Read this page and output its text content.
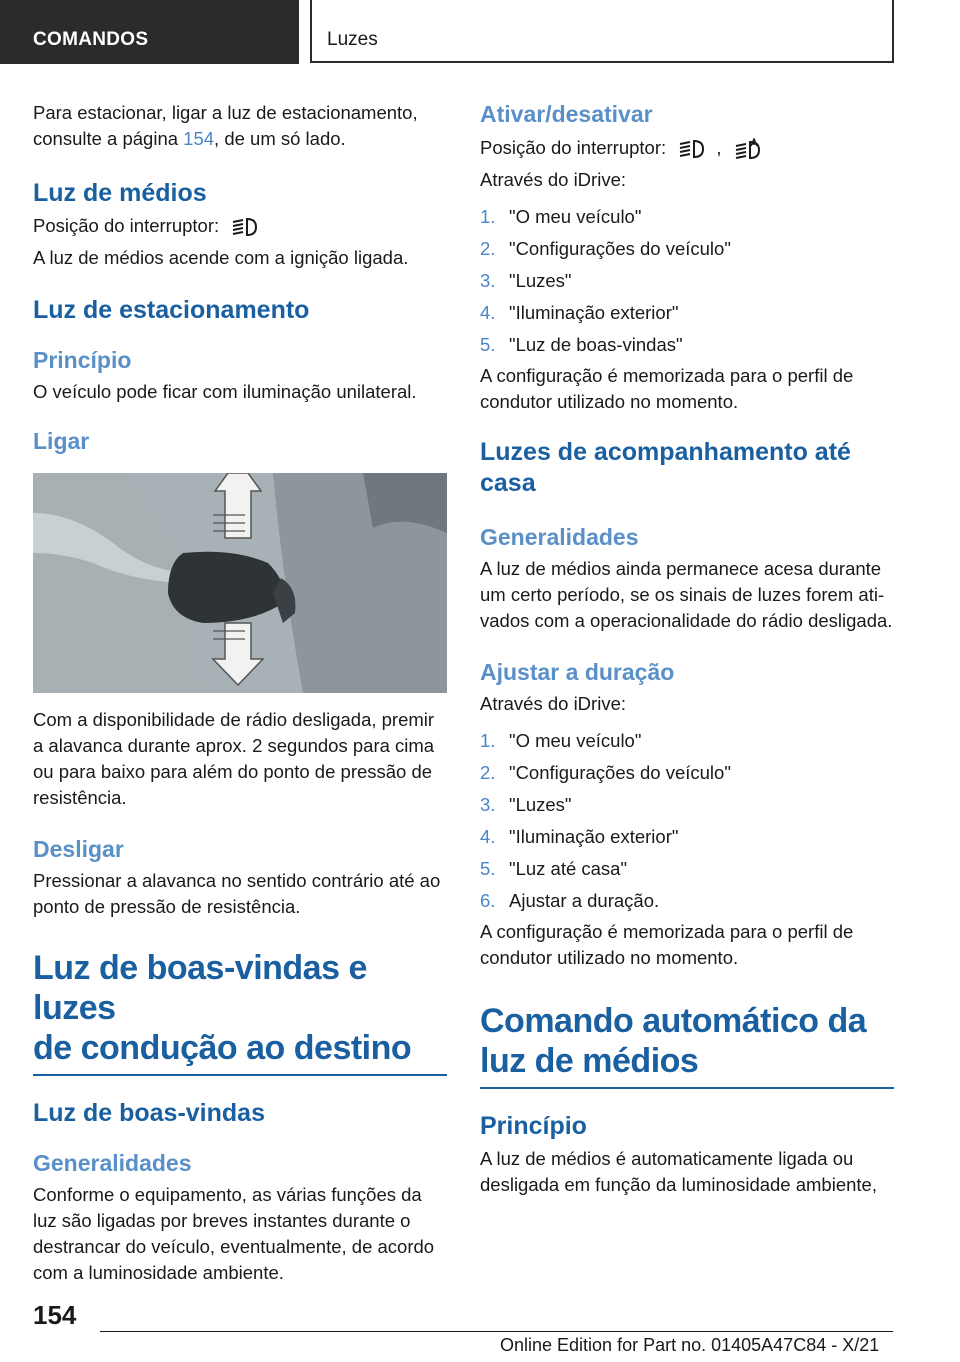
COMANDOS	Luzes

Para estacionar, ligar a luz de estacionamento,
consulte a página 154, de um só lado.

Luz de médios

Posição do interruptor:

A luz de médios acende com a ignição ligada.

Luz de estacionamento
Princípio

O veículo pode ficar com iluminação unilateral.

Ligar

Com a disponibilidade de rádio desligada, premir a alavanca durante aprox. 2 segundos para cima ou para baixo para além do ponto de pressão de resistência.

Desligar

Pressionar a alavanca no sentido contrário até ao ponto de pressão de resistência.

Luz de boas-vindas e luzes
de condução ao destino
Luz de boas-vindas
Generalidades

Conforme o equipamento, as várias funções da luz são ligadas por breves instantes durante o destrancar do veículo, eventualmente, de acordo com a luminosidade ambiente.

Ativar/desativar

Posição do interruptor:	,

Através do iDrive:

1. "O meu veículo"
2. "Configurações do veículo"
3. "Luzes"
4. "Iluminação exterior"
5. "Luz de boas-vindas"

A configuração é memorizada para o perfil de condutor utilizado no momento.

Luzes de acompanhamento até
casa
Generalidades

A luz de médios ainda permanece acesa durante um certo período, se os sinais de luzes forem ativados com a operacionalidade do rádio desligada.

Ajustar a duração

Através do iDrive:

1. "O meu veículo"
2. "Configurações do veículo"
3. "Luzes"
4. "Iluminação exterior"
5. "Luz até casa"
6. Ajustar a duração.

A configuração é memorizada para o perfil de condutor utilizado no momento.

Comando automático da
luz de médios
Princípio

A luz de médios é automaticamente ligada ou desligada em função da luminosidade ambiente,

154
Online Edition for Part no. 01405A47C84 - X/21
